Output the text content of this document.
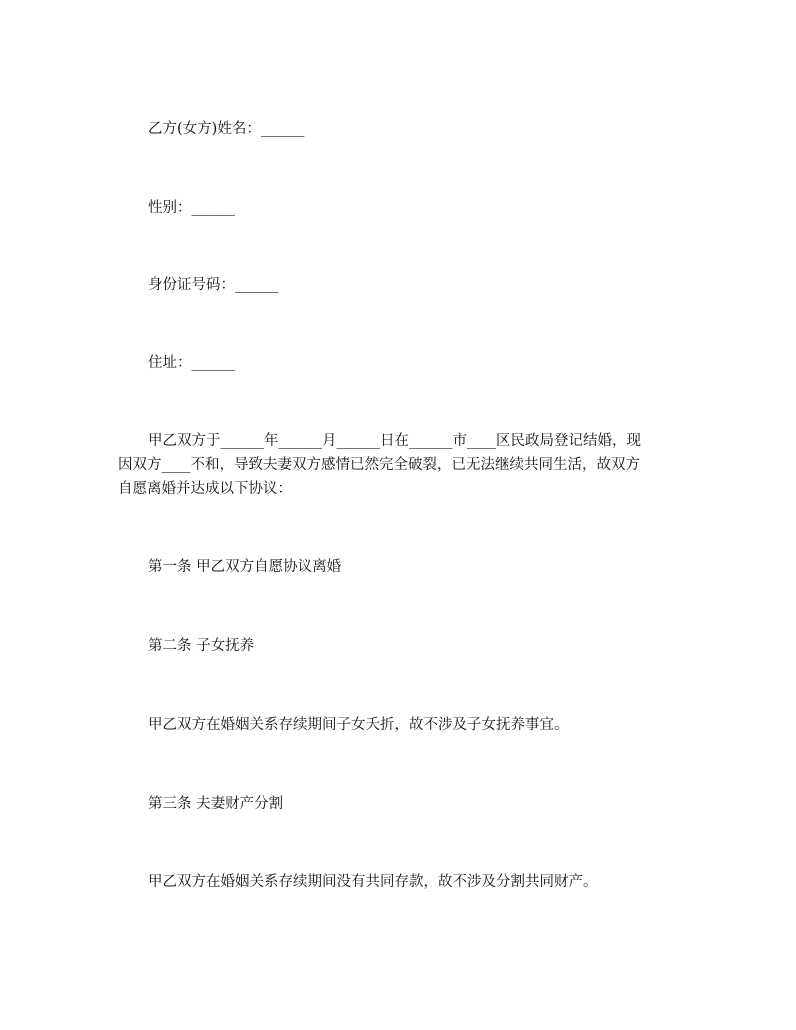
乙方(女方)姓名：______
性别：______
身份证号码：______
住址：______
甲乙双方于______年______月______日在______市____区民政局登记结婚，现
因双方____不和，导致夫妻双方感情已然完全破裂，已无法继续共同生活，故双方
自愿离婚并达成以下协议：
第一条 甲乙双方自愿协议离婚
第二条 子女抚养
甲乙双方在婚姻关系存续期间子女夭折，故不涉及子女抚养事宜。
第三条 夫妻财产分割
甲乙双方在婚姻关系存续期间没有共同存款，故不涉及分割共同财产。
